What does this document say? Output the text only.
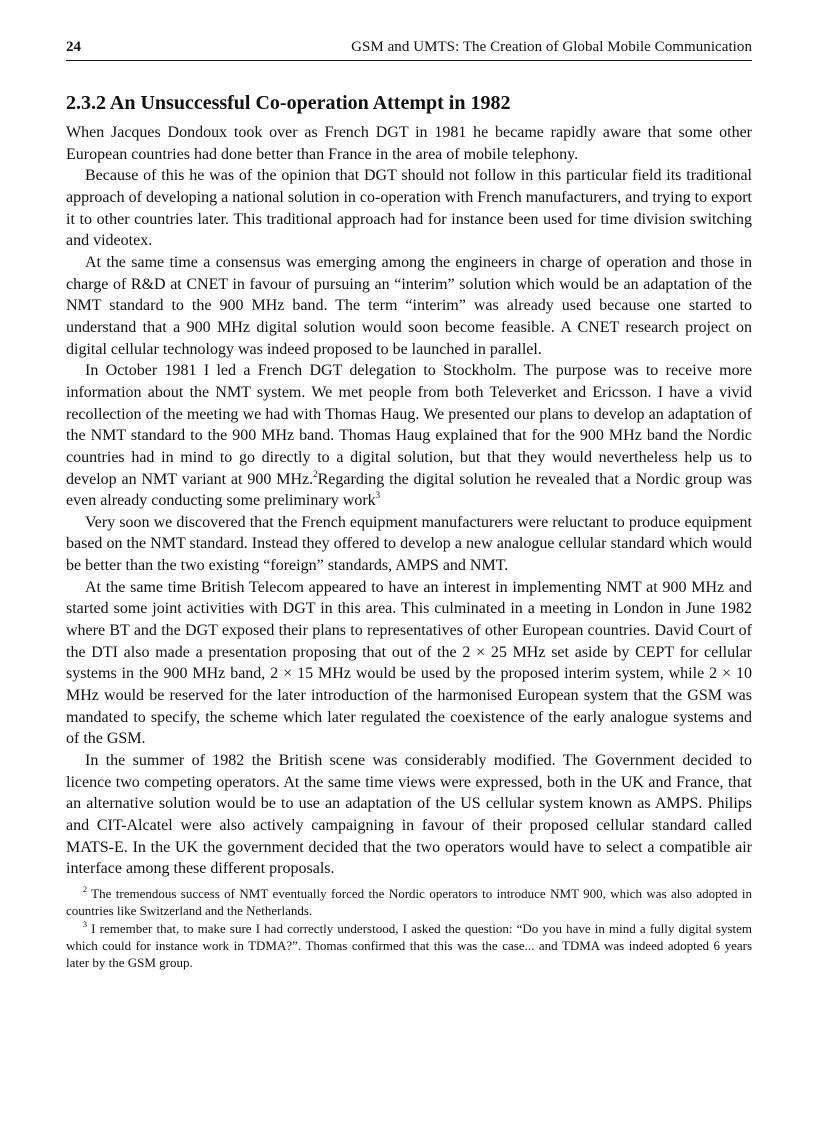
24	GSM and UMTS: The Creation of Global Mobile Communication
2.3.2 An Unsuccessful Co-operation Attempt in 1982

When Jacques Dondoux took over as French DGT in 1981 he became rapidly aware that some other European countries had done better than France in the area of mobile telephony.

Because of this he was of the opinion that DGT should not follow in this particular field its traditional approach of developing a national solution in co-operation with French manufacturers, and trying to export it to other countries later. This traditional approach had for instance been used for time division switching and videotex.

At the same time a consensus was emerging among the engineers in charge of operation and those in charge of R&D at CNET in favour of pursuing an “interim” solution which would be an adaptation of the NMT standard to the 900 MHz band. The term “interim” was already used because one started to understand that a 900 MHz digital solution would soon become feasible. A CNET research project on digital cellular technology was indeed proposed to be launched in parallel.

In October 1981 I led a French DGT delegation to Stockholm. The purpose was to receive more information about the NMT system. We met people from both Televerket and Ericsson. I have a vivid recollection of the meeting we had with Thomas Haug. We presented our plans to develop an adaptation of the NMT standard to the 900 MHz band. Thomas Haug explained that for the 900 MHz band the Nordic countries had in mind to go directly to a digital solution, but that they would nevertheless help us to develop an NMT variant at 900 MHz.$^2$Regarding the digital solution he revealed that a Nordic group was even already conducting some preliminary work$^3$

Very soon we discovered that the French equipment manufacturers were reluctant to produce equipment based on the NMT standard. Instead they offered to develop a new analogue cellular standard which would be better than the two existing “foreign” standards, AMPS and NMT.

At the same time British Telecom appeared to have an interest in implementing NMT at 900 MHz and started some joint activities with DGT in this area. This culminated in a meeting in London in June 1982 where BT and the DGT exposed their plans to representatives of other European countries. David Court of the DTI also made a presentation proposing that out of the 2 × 25 MHz set aside by CEPT for cellular systems in the 900 MHz band, 2 × 15 MHz would be used by the proposed interim system, while 2 × 10 MHz would be reserved for the later introduction of the harmonised European system that the GSM was mandated to specify, the scheme which later regulated the coexistence of the early analogue systems and of the GSM.

In the summer of 1982 the British scene was considerably modified. The Government decided to licence two competing operators. At the same time views were expressed, both in the UK and France, that an alternative solution would be to use an adaptation of the US cellular system known as AMPS. Philips and CIT-Alcatel were also actively campaigning in favour of their proposed cellular standard called MATS-E. In the UK the government decided that the two operators would have to select a compatible air interface among these different proposals.

$^2$ The tremendous success of NMT eventually forced the Nordic operators to introduce NMT 900, which was also adopted in countries like Switzerland and the Netherlands.

$^3$ I remember that, to make sure I had correctly understood, I asked the question: “Do you have in mind a fully digital system which could for instance work in TDMA?”. Thomas confirmed that this was the case... and TDMA was indeed adopted 6 years later by the GSM group.
